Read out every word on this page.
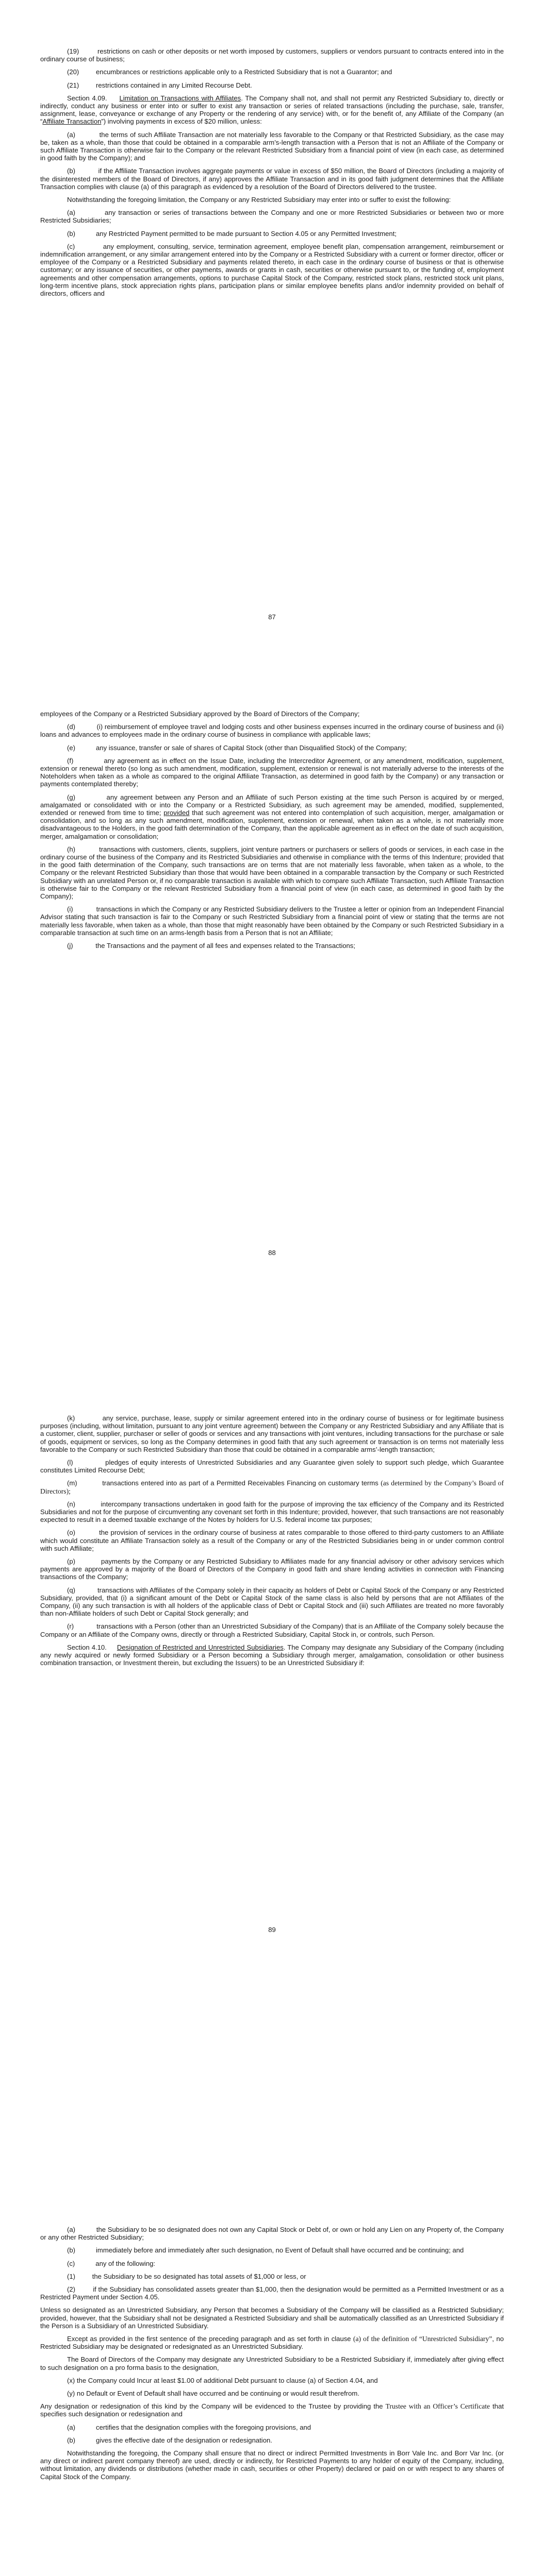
(19)         restrictions on cash or other deposits or net worth imposed by customers, suppliers or vendors pursuant to contracts entered into in the ordinary course of business;

(20)         encumbrances or restrictions applicable only to a Restricted Subsidiary that is not a Guarantor; and

(21)         restrictions contained in any Limited Recourse Debt.

Section 4.09.     Limitation on Transactions with Affiliates. The Company shall not, and shall not permit any Restricted Subsidiary to, directly or indirectly, conduct any business or enter into or suffer to exist any transaction or series of related transactions (including the purchase, sale, transfer, assignment, lease, conveyance or exchange of any Property or the rendering of any service) with, or for the benefit of, any Affiliate of the Company (an “Affiliate Transaction”) involving payments in excess of $20 million, unless:

(a)           the terms of such Affiliate Transaction are not materially less favorable to the Company or that Restricted Subsidiary, as the case may be, taken as a whole, than those that could be obtained in a comparable arm’s-length transaction with a Person that is not an Affiliate of the Company or such Affiliate Transaction is otherwise fair to the Company or the relevant Restricted Subsidiary from a financial point of view (in each case, as determined in good faith by the Company); and

(b)           if the Affiliate Transaction involves aggregate payments or value in excess of $50 million, the Board of Directors (including a majority of the disinterested members of the Board of Directors, if any) approves the Affiliate Transaction and in its good faith judgment determines that the Affiliate Transaction complies with clause (a) of this paragraph as evidenced by a resolution of the Board of Directors delivered to the trustee.

Notwithstanding the foregoing limitation, the Company or any Restricted Subsidiary may enter into or suffer to exist the following:

(a)           any transaction or series of transactions between the Company and one or more Restricted Subsidiaries or between two or more Restricted Subsidiaries;

(b)           any Restricted Payment permitted to be made pursuant to Section 4.05 or any Permitted Investment;

(c)           any employment, consulting, service, termination agreement, employee benefit plan, compensation arrangement, reimbursement or indemnification arrangement, or any similar arrangement entered into by the Company or a Restricted Subsidiary with a current or former director, officer or employee of the Company or a Restricted Subsidiary and payments related thereto, in each case in the ordinary course of business or that is otherwise customary; or any issuance of securities, or other payments, awards or grants in cash, securities or otherwise pursuant to, or the funding of, employment agreements and other compensation arrangements, options to purchase Capital Stock of the Company, restricted stock plans, restricted stock unit plans, long-term incentive plans, stock appreciation rights plans, participation plans or similar employee benefits plans and/or indemnity provided on behalf of directors, officers and

87

employees of the Company or a Restricted Subsidiary approved by the Board of Directors of the Company;

(d)           (i) reimbursement of employee travel and lodging costs and other business expenses incurred in the ordinary course of business and (ii) loans and advances to employees made in the ordinary course of business in compliance with applicable laws;

(e)           any issuance, transfer or sale of shares of Capital Stock (other than Disqualified Stock) of the Company;

(f)            any agreement as in effect on the Issue Date, including the Intercreditor Agreement, or any amendment, modification, supplement, extension or renewal thereto (so long as such amendment, modification, supplement, extension or renewal is not materially adverse to the interests of the Noteholders when taken as a whole as compared to the original Affiliate Transaction, as determined in good faith by the Company) or any transaction or payments contemplated thereby;

(g)           any agreement between any Person and an Affiliate of such Person existing at the time such Person is acquired by or merged, amalgamated or consolidated with or into the Company or a Restricted Subsidiary, as such agreement may be amended, modified, supplemented, extended or renewed from time to time; provided that such agreement was not entered into contemplation of such acquisition, merger, amalgamation or consolidation, and so long as any such amendment, modification, supplement, extension or renewal, when taken as a whole, is not materially more disadvantageous to the Holders, in the good faith determination of the Company, than the applicable agreement as in effect on the date of such acquisition, merger, amalgamation or consolidation;

(h)           transactions with customers, clients, suppliers, joint venture partners or purchasers or sellers of goods or services, in each case in the ordinary course of the business of the Company and its Restricted Subsidiaries and otherwise in compliance with the terms of this Indenture; provided that in the good faith determination of the Company, such transactions are on terms that are not materially less favorable, when taken as a whole, to the Company or the relevant Restricted Subsidiary than those that would have been obtained in a comparable transaction by the Company or such Restricted Subsidiary with an unrelated Person or, if no comparable transaction is available with which to compare such Affiliate Transaction, such Affiliate Transaction is otherwise fair to the Company or the relevant Restricted Subsidiary from a financial point of view (in each case, as determined in good faith by the Company);

(i)            transactions in which the Company or any Restricted Subsidiary delivers to the Trustee a letter or opinion from an Independent Financial Advisor stating that such transaction is fair to the Company or such Restricted Subsidiary from a financial point of view or stating that the terms are not materially less favorable, when taken as a whole, than those that might reasonably have been obtained by the Company or such Restricted Subsidiary in a comparable transaction at such time on an arms-length basis from a Person that is not an Affiliate;

(j)            the Transactions and the payment of all fees and expenses related to the Transactions;

88

(k)           any service, purchase, lease, supply or similar agreement entered into in the ordinary course of business or for legitimate business purposes (including, without limitation, pursuant to any joint venture agreement) between the Company or any Restricted Subsidiary and any Affiliate that is a customer, client, supplier, purchaser or seller of goods or services and any transactions with joint ventures, including transactions for the purchase or sale of goods, equipment or services, so long as the Company determines in good faith that any such agreement or transaction is on terms not materially less favorable to the Company or such Restricted Subsidiary than those that could be obtained in a comparable arms’-length transaction;

(l)            pledges of equity interests of Unrestricted Subsidiaries and any Guarantee given solely to support such pledge, which Guarantee constitutes Limited Recourse Debt;

(m)           transactions entered into as part of a Permitted Receivables Financing on customary terms (as determined by the Company’s Board of Directors);

(n)           intercompany transactions undertaken in good faith for the purpose of improving the tax efficiency of the Company and its Restricted Subsidiaries and not for the purpose of circumventing any covenant set forth in this Indenture; provided, however, that such transactions are not reasonably expected to result in a deemed taxable exchange of the Notes by holders for U.S. federal income tax purposes;

(o)           the provision of services in the ordinary course of business at rates comparable to those offered to third-party customers to an Affiliate which would constitute an Affiliate Transaction solely as a result of the Company or any of the Restricted Subsidiaries being in or under common control with such Affiliate;

(p)           payments by the Company or any Restricted Subsidiary to Affiliates made for any financial advisory or other advisory services which payments are approved by a majority of the Board of Directors of the Company in good faith and share lending activities in connection with Financing transactions of the Company;

(q)           transactions with Affiliates of the Company solely in their capacity as holders of Debt or Capital Stock of the Company or any Restricted Subsidiary, provided, that (i) a significant amount of the Debt or Capital Stock of the same class is also held by persons that are not Affiliates of the Company, (ii) any such transaction is with all holders of the applicable class of Debt or Capital Stock and (iii) such Affiliates are treated no more favorably than non-Affiliate holders of such Debt or Capital Stock generally; and

(r)            transactions with a Person (other than an Unrestricted Subsidiary of the Company) that is an Affiliate of the Company solely because the Company or an Affiliate of the Company owns, directly or through a Restricted Subsidiary, Capital Stock in, or controls, such Person.

Section 4.10.     Designation of Restricted and Unrestricted Subsidiaries. The Company may designate any Subsidiary of the Company (including any newly acquired or newly formed Subsidiary or a Person becoming a Subsidiary through merger, amalgamation, consolidation or other business combination transaction, or Investment therein, but excluding the Issuers) to be an Unrestricted Subsidiary if:

89

(a)           the Subsidiary to be so designated does not own any Capital Stock or Debt of, or own or hold any Lien on any Property of, the Company or any other Restricted Subsidiary;

(b)           immediately before and immediately after such designation, no Event of Default shall have occurred and be continuing; and

(c)           any of the following:

(1)         the Subsidiary to be so designated has total assets of $1,000 or less, or

(2)         if the Subsidiary has consolidated assets greater than $1,000, then the designation would be permitted as a Permitted Investment or as a Restricted Payment under Section 4.05.

Unless so designated as an Unrestricted Subsidiary, any Person that becomes a Subsidiary of the Company will be classified as a Restricted Subsidiary; provided, however, that the Subsidiary shall not be designated a Restricted Subsidiary and shall be automatically classified as an Unrestricted Subsidiary if the Person is a Subsidiary of an Unrestricted Subsidiary.

Except as provided in the first sentence of the preceding paragraph and as set forth in clause (a) of the definition of “Unrestricted Subsidiary”, no Restricted Subsidiary may be designated or redesignated as an Unrestricted Subsidiary.

The Board of Directors of the Company may designate any Unrestricted Subsidiary to be a Restricted Subsidiary if, immediately after giving effect to such designation on a pro forma basis to the designation,

(x) the Company could Incur at least $1.00 of additional Debt pursuant to clause (a) of Section 4.04, and

(y) no Default or Event of Default shall have occurred and be continuing or would result therefrom.

Any designation or redesignation of this kind by the Company will be evidenced to the Trustee by providing the Trustee with an Officer’s Certificate that specifies such designation or redesignation and

(a)           certifies that the designation complies with the foregoing provisions, and

(b)           gives the effective date of the designation or redesignation.

Notwithstanding the foregoing, the Company shall ensure that no direct or indirect Permitted Investments in Borr Vale Inc. and Borr Var Inc. (or any direct or indirect parent company thereof) are used, directly or indirectly, for Restricted Payments to any holder of equity of the Company, including, without limitation, any dividends or distributions (whether made in cash, securities or other Property) declared or paid on or with respect to any shares of Capital Stock of the Company.
